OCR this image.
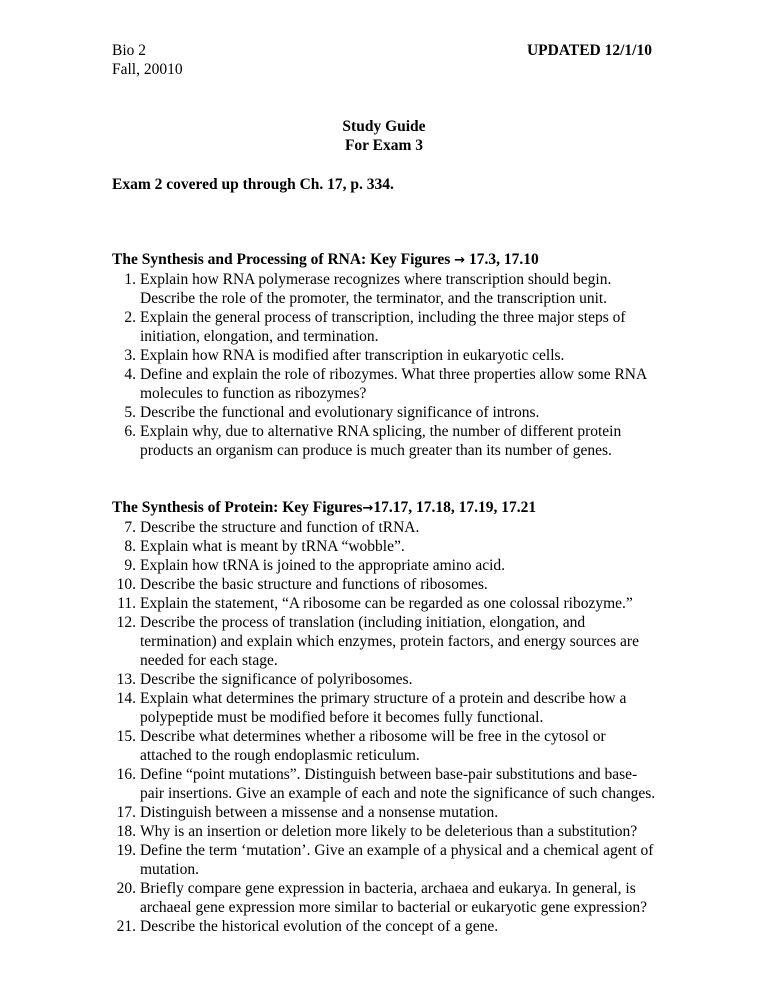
Bio 2
Fall, 20010
UPDATED 12/1/10
Study Guide
For Exam 3
Exam 2 covered up through Ch. 17, p. 334.
The Synthesis and Processing of RNA: Key Figures → 17.3, 17.10
1. Explain how RNA polymerase recognizes where transcription should begin. Describe the role of the promoter, the terminator, and the transcription unit.
2. Explain the general process of transcription, including the three major steps of initiation, elongation, and termination.
3. Explain how RNA is modified after transcription in eukaryotic cells.
4. Define and explain the role of ribozymes. What three properties allow some RNA molecules to function as ribozymes?
5. Describe the functional and evolutionary significance of introns.
6. Explain why, due to alternative RNA splicing, the number of different protein products an organism can produce is much greater than its number of genes.
The Synthesis of Protein: Key Figures→17.17, 17.18, 17.19, 17.21
7. Describe the structure and function of tRNA.
8. Explain what is meant by tRNA “wobble”.
9. Explain how tRNA is joined to the appropriate amino acid.
10. Describe the basic structure and functions of ribosomes.
11. Explain the statement, “A ribosome can be regarded as one colossal ribozyme.”
12. Describe the process of translation (including initiation, elongation, and termination) and explain which enzymes, protein factors, and energy sources are needed for each stage.
13. Describe the significance of polyribosomes.
14. Explain what determines the primary structure of a protein and describe how a polypeptide must be modified before it becomes fully functional.
15. Describe what determines whether a ribosome will be free in the cytosol or attached to the rough endoplasmic reticulum.
16. Define “point mutations”. Distinguish between base-pair substitutions and base-pair insertions. Give an example of each and note the significance of such changes.
17. Distinguish between a missense and a nonsense mutation.
18. Why is an insertion or deletion more likely to be deleterious than a substitution?
19. Define the term ‘mutation’. Give an example of a physical and a chemical agent of mutation.
20. Briefly compare gene expression in bacteria, archaea and eukarya. In general, is archaeal gene expression more similar to bacterial or eukaryotic gene expression?
21. Describe the historical evolution of the concept of a gene.
